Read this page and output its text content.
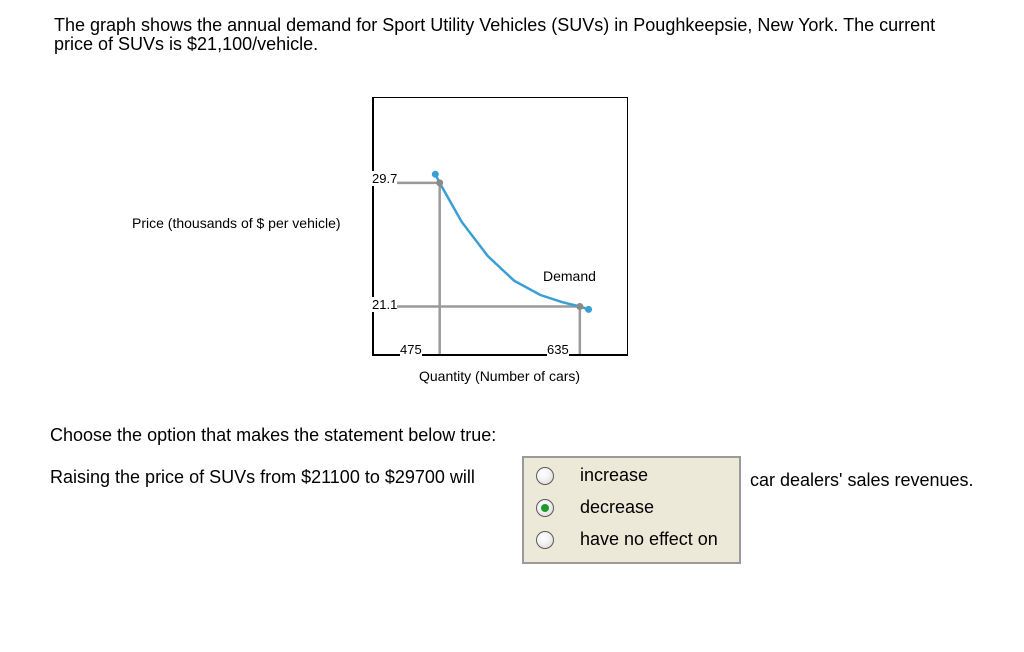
The graph shows the annual demand for Sport Utility Vehicles (SUVs) in Poughkeepsie, New York. The current price of SUVs is $21,100/vehicle.

Price (thousands of $ per vehicle)
29.7
21.1
475	635
Demand
Quantity (Number of cars)
Choose the option that makes the statement below true:
Raising the price of SUVs from $21100 to $29700 will	increase
decrease
have no effect on
car dealers' sales revenues.
